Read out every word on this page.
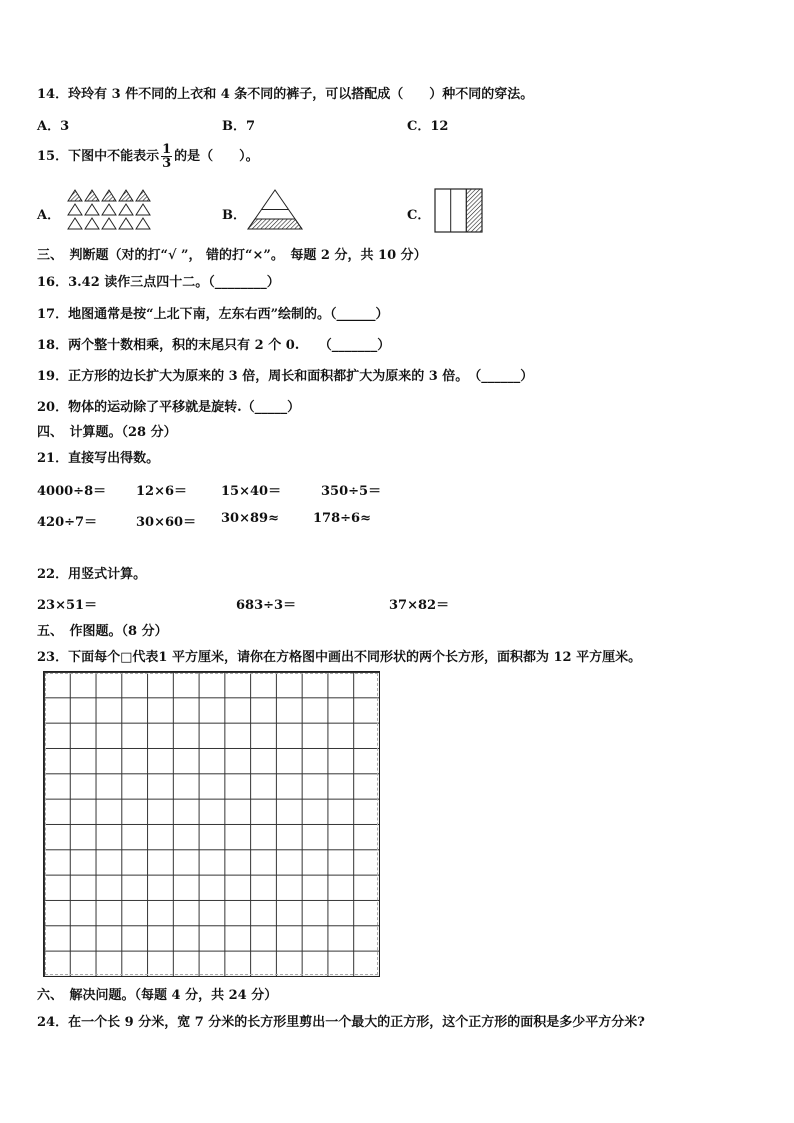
14．玲玲有 3 件不同的上衣和 4 条不同的裤子，可以搭配成（　　）种不同的穿法。
A．3	B．7	C．12
15．下图中不能表示 $\frac{1}{3}$ 的是（　　）。
A．	B．	C．
三、　判断题（对的打“√ ”， 错的打“×”。　每题 2 分，共 10 分）
16．3.42 读作三点四十二。（________）
17．地图通常是按“上北下南，左东右西”绘制的。（______）
18．两个整十数相乘，积的末尾只有 2 个 0.　　（_______）
19．正方形的边长扩大为原来的 3 倍，周长和面积都扩大为原来的 3 倍。　（______）
20．物体的运动除了平移就是旋转.（_____）
四、　计算题。（28 分）
21．直接写出得数。
4000÷8＝ 12×6＝	15×40＝	350÷5＝
420÷7＝	30×60＝ 30×89≈	178÷6≈
22．用竖式计算。
23×51＝	683÷3＝	37×82＝
五、　作图题。（8 分）
23．下面每个□代表1 平方厘米，请你在方格图中画出不同形状的两个长方形，面积都为 12 平方厘米。
六、　解决问题。（每题 4 分，共 24 分）
24．在一个长 9 分米，宽 7 分米的长方形里剪出一个最大的正方形，这个正方形的面积是多少平方分米?
